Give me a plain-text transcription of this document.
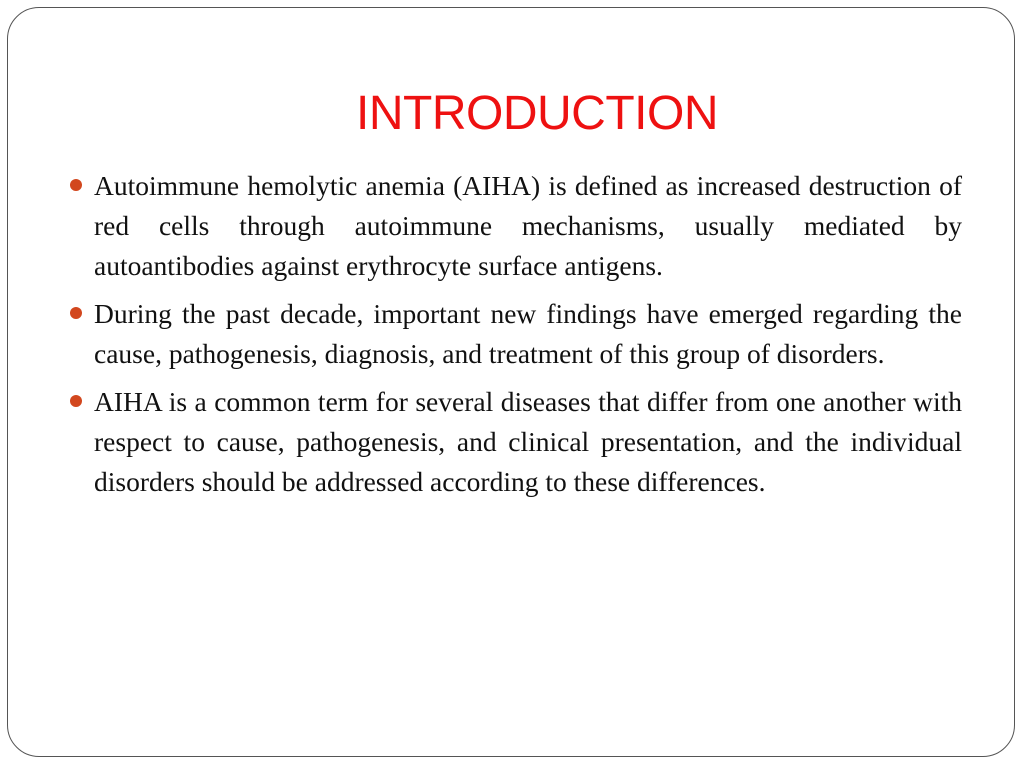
INTRODUCTION
Autoimmune hemolytic anemia (AIHA) is defined as increased destruction of red cells through autoimmune mechanisms, usually mediated by autoantibodies against erythrocyte surface antigens.
During the past decade, important new findings have emerged regarding the cause, pathogenesis, diagnosis, and treatment of this group of disorders.
AIHA is a common term for several diseases that differ from one another with respect to cause, pathogenesis, and clinical presentation, and the individual disorders should be addressed according to these differences.
